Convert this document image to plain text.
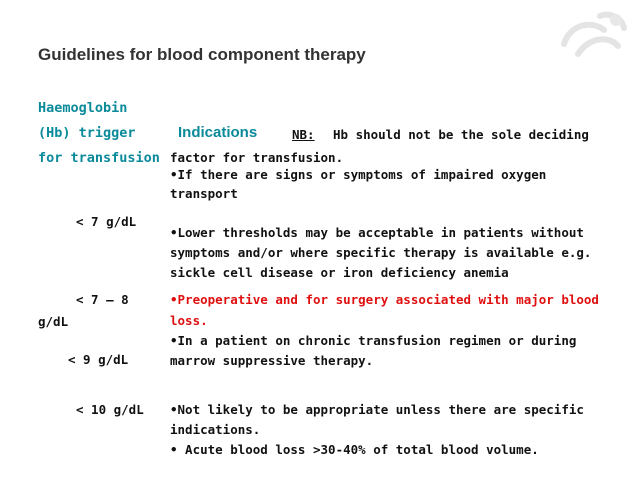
Guidelines for blood component therapy
Haemoglobin
(Hb) trigger
for transfusion
Indications	NB: Hb should not be the sole deciding
factor for transfusion.
•If there are signs or symptoms of impaired oxygen
transport
< 7 g/dL
•Lower thresholds may be acceptable in patients without
symptoms and/or where specific therapy is available e.g.
sickle cell disease or iron deficiency anemia
< 7 – 8
g/dL
•Preoperative and for surgery associated with major blood
loss.
•In a patient on chronic transfusion regimen or during
< 9 g/dL	marrow suppressive therapy.
< 10 g/dL •Not likely to be appropriate unless there are specific
indications.
• Acute blood loss >30-40% of total blood volume.
